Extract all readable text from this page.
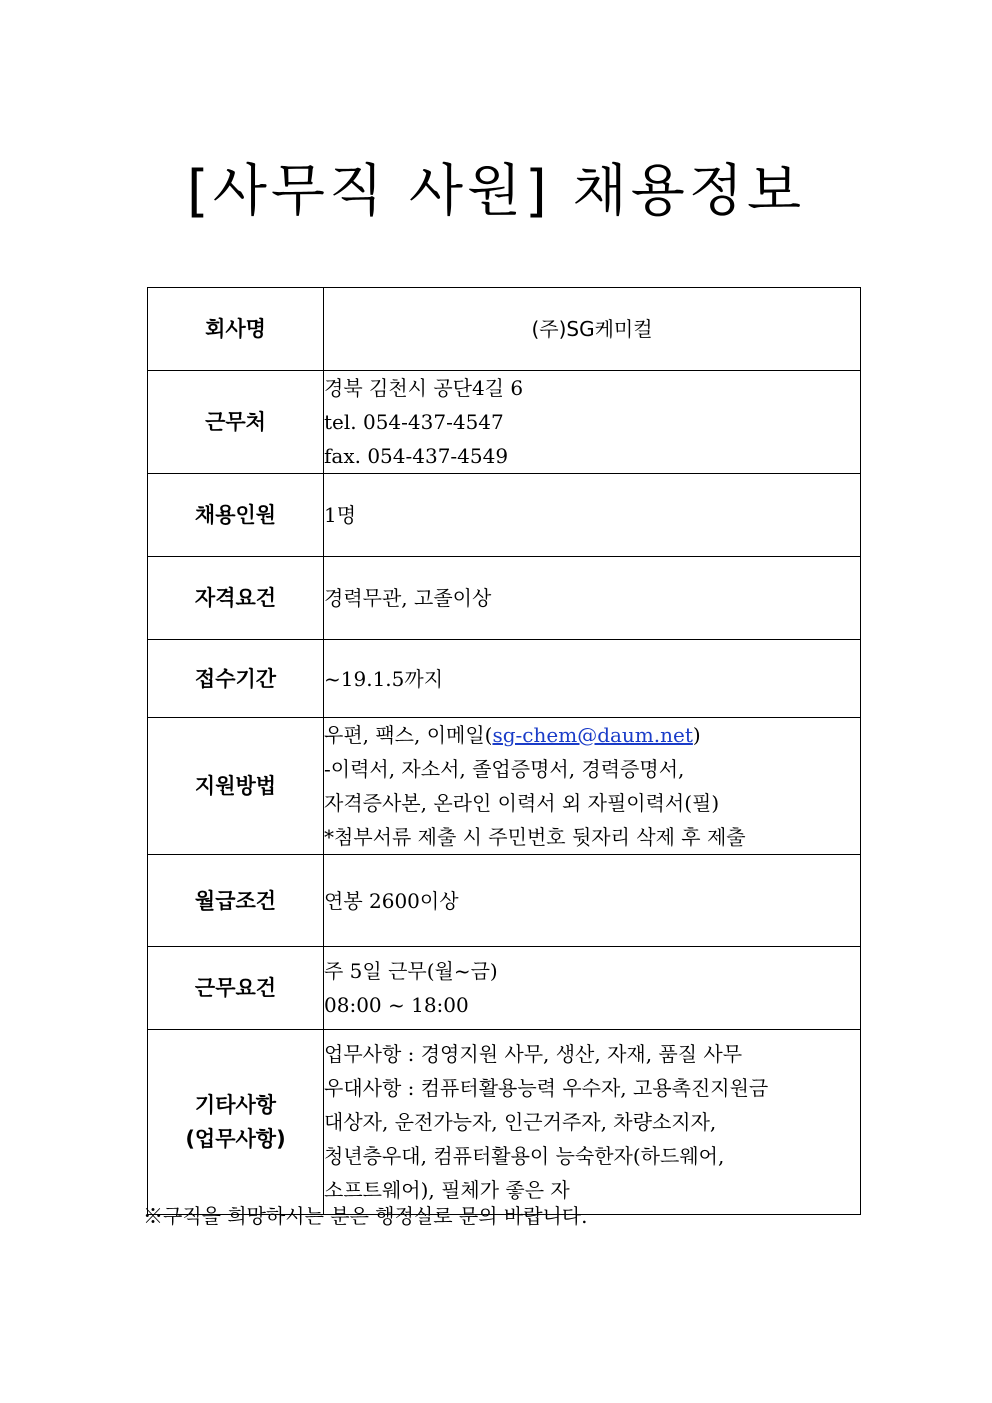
[사무직 사원] 채용정보
회사명	(주)SG케미컬
근무처	경북 김천시 공단4길 6
tel. 054-437-4547
fax. 054-437-4549

채용인원	1명
자격요건	경력무관, 고졸이상
접수기간	~19.1.5까지
지원방법	우편, 팩스, 이메일(sg-chem@daum.net)
-이력서, 자소서, 졸업증명서, 경력증명서,
자격증사본, 온라인 이력서 외 자필이력서(필)
*첨부서류 제출 시 주민번호 뒷자리 삭제 후 제출

월급조건	연봉 2600이상
근무요건	주 5일 근무(월~금)
08:00 ~ 18:00

기타사항
(업무사항)	업무사항 : 경영지원 사무, 생산, 자재, 품질 사무
우대사항 : 컴퓨터활용능력 우수자, 고용촉진지원금
대상자, 운전가능자, 인근거주자, 차량소지자,
청년층우대, 컴퓨터활용이 능숙한자(하드웨어,
소프트웨어), 필체가 좋은 자
※구직을 희망하시는 분은 행정실로 문의 바랍니다.
